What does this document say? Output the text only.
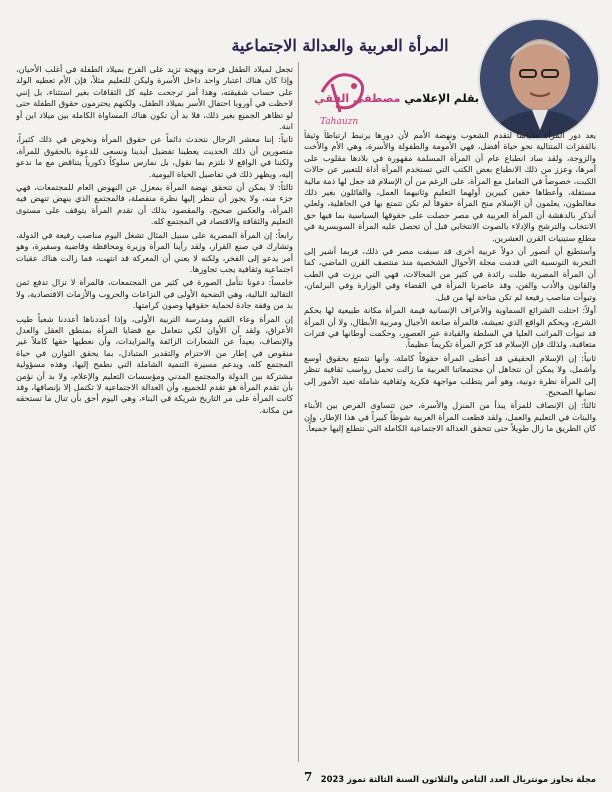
المرأة العربية والعدالة الاجتماعية
Tahauzn

بقلم الإعلامي مصطفى الفقي

يعد دور المرأة مقياساً لتقدم الشعوب ونهضة الأمم لأن دورها يرتبط ارتباطاً وثيقاً بالقفزات المتتالية نحو حياة أفضل، فهي الأمومة والطفولة والأسرة، وهي الأم والأخت والزوجة، ولقد ساد انطباع عام أن المرأة المسلمة مقهورة في بلادها مقلوب على أمرها، وعزز من ذلك الانطباع بعض الكتب التي تستخدم المرأة أداة للتعبير عن حالات الكبت، خصوصاً في التعامل مع المرأة، على الرغم من أن الإسلام قد جعل لها ذمة مالية مستقلة، وأعطاها حقين كبيرين أولهما التعليم وثانيهما العمل، والقائلون بغير ذلك مغالطون، يعلمون أن الإسلام منح المرأة حقوقاً لم تكن تتمتع بها في الجاهلية، ولعلي أتذكر بالدهشة أن المرأة العربية في مصر حصلت على حقوقها السياسية بما فيها حق الانتخاب والترشح والإدلاء بالصوت الانتخابي قبل أن تحصل عليه المرأة السويسرية في مطلع ستينيات القرن العشرين.

وأستطيع أن أتصور أن دولاً عربية أخرى قد سبقت مصر في ذلك، فربما أشير إلى التجربة التونسية التي قدمت مجلة الأحوال الشخصية منذ منتصف القرن الماضي، كما أن المرأة المصرية ظلت رائدة في كثير من المجالات، فهي التي برزت في الطب والقانون والأدب والفن، وقد عاصرنا المرأة في القضاء وفي الوزارة وفي البرلمان، وتبوأت مناصب رفيعة لم تكن متاحة لها من قبل.

أولاً: احتلت الشرائع السماوية والأعراف الإنسانية قيمة المرأة مكانة طبيعية لها بحكم الشرع، وبحكم الواقع الذي تعيشه، فالمرأة صانعة الأجيال ومربية الأبطال، ولا أن المرأة قد تبوأت المراتب العليا في السلطة والقيادة عبر العصور، وحكمت أوطانها في فترات متعاقبة، ولذلك فإن الإسلام قد كرّم المرأة تكريماً عظيماً.

ثانياً: إن الإسلام الحقيقي قد أعطى المرأة حقوقاً كاملة، وأنها تتمتع بحقوق أوسع وأشمل، ولا يمكن أن نتجاهل أن مجتمعاتنا العربية ما زالت تحمل رواسب ثقافية تنظر إلى المرأة نظرة دونية، وهو أمر يتطلب مواجهة فكرية وثقافية شاملة تعيد الأمور إلى نصابها الصحيح.

ثالثاً: إن الإنصاف للمرأة يبدأ من المنزل والأسرة، حين تتساوى الفرص بين الأبناء والبنات في التعليم والعمل، ولقد قطعت المرأة العربية شوطاً كبيراً في هذا الإطار، وإن كان الطريق ما زال طويلاً حتى تتحقق العدالة الاجتماعية الكاملة التي نتطلع إليها جميعاً.

تجعل لميلاد الطفل فرحة وبهجة تزيد على الفرح بميلاد الطفلة في أغلب الأحيان، وإذا كان هناك اعتبار واحد داخل الأسرة وليكن للتعليم مثلاً، فإن الأم تعطيه الولد على حساب شقيقته، وهذا أمر ترجحت عليه كل الثقافات بغير استثناء، بل إنني لاحظت في أوروبا احتفال الأسر بميلاد الطفل، ولكنهم يحترمون حقوق الطفلة حتى لو تظاهر الجميع بغير ذلك، فلا بد أن تكون هناك المساواة الكاملة بين ميلاد ابن أو ابنة.

ثانياً: إننا معشر الرجال نتحدث دائماً عن حقوق المرأة ونخوض في ذلك كثيراً، متصورين أن ذلك الحديث يعطينا تفضيل أيدينا ونسعى للدعوة بالحقوق للمرأة، ولكننا في الواقع لا نلتزم بما نقول، بل نمارس سلوكاً ذكورياً يتناقض مع ما ندعو إليه، ويظهر ذلك في تفاصيل الحياة اليومية.

ثالثاً: لا يمكن أن تتحقق نهضة المرأة بمعزل عن النهوض العام للمجتمعات، فهي جزء منه، ولا يجوز أن ننظر إليها نظرة منفصلة، فالمجتمع الذي ينهض تنهض فيه المرأة، والعكس صحيح، والمقصود بذلك أن تقدم المرأة يتوقف على مستوى التعليم والثقافة والاقتصاد في المجتمع كله.

رابعاً: إن المرأة المصرية على سبيل المثال تشغل اليوم مناصب رفيعة في الدولة، وتشارك في صنع القرار، ولقد رأينا المرأة وزيرة ومحافظة وقاضية وسفيرة، وهو أمر يدعو إلى الفخر، ولكنه لا يعني أن المعركة قد انتهت، فما زالت هناك عقبات اجتماعية وثقافية يجب تجاوزها.

خامساً: دعونا نتأمل الصورة في كثير من المجتمعات، فالمرأة لا تزال تدفع ثمن التقاليد البالية، وهي الضحية الأولى في النزاعات والحروب والأزمات الاقتصادية، ولا بد من وقفة جادة لحماية حقوقها وصون كرامتها.

إن المرأة وعاء القيم ومدرسة التربية الأولى، وإذا أعددناها أعددنا شعباً طيب الأعراق، ولقد آن الأوان لكي نتعامل مع قضايا المرأة بمنطق العقل والعدل والإنصاف، بعيداً عن الشعارات الزائفة والمزايدات، وأن نعطيها حقها كاملاً غير منقوص في إطار من الاحترام والتقدير المتبادل، بما يحقق التوازن في حياة المجتمع كله، ويدعم مسيرة التنمية الشاملة التي نطمح إليها، وهذه مسؤولية مشتركة بين الدولة والمجتمع المدني ومؤسسات التعليم والإعلام، ولا بد أن نؤمن بأن تقدم المرأة هو تقدم للجميع، وأن العدالة الاجتماعية لا تكتمل إلا بإنصافها، وقد كانت المرأة على مر التاريخ شريكة في البناء، وهي اليوم أحق بأن تنال ما تستحقه من مكانة.

مجلة تحاوز مونتريال العدد الثامن والثلاثون السنة الثالثة تموز 2023
7
